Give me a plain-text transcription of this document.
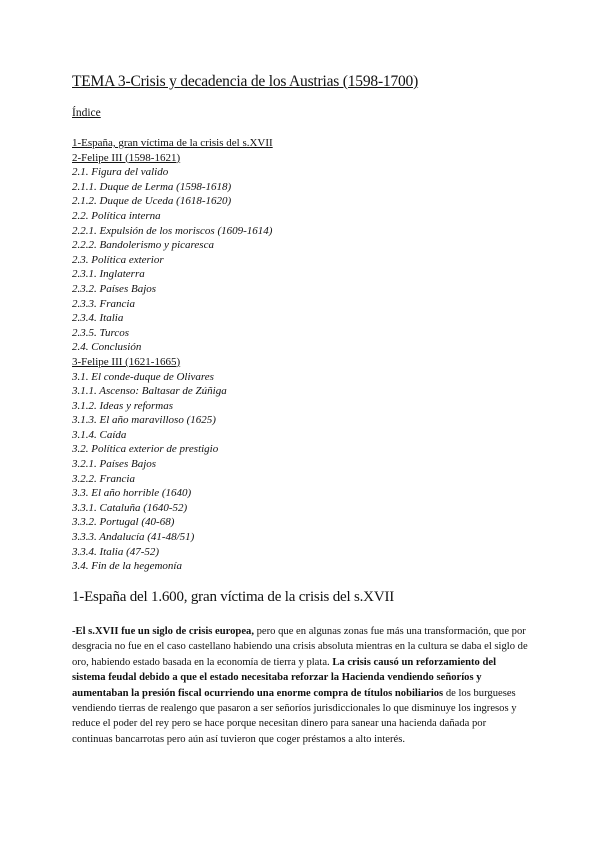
TEMA 3-Crisis y decadencia de los Austrias (1598-1700)
Índice
1-España, gran víctima de la crisis del s.XVII
2-Felipe III (1598-1621)
2.1. Figura del valido
2.1.1. Duque de Lerma (1598-1618)
2.1.2. Duque de Uceda (1618-1620)
2.2. Política interna
2.2.1. Expulsión de los moriscos (1609-1614)
2.2.2. Bandolerismo y picaresca
2.3. Política exterior
2.3.1. Inglaterra
2.3.2. Países Bajos
2.3.3. Francia
2.3.4. Italia
2.3.5. Turcos
2.4. Conclusión
3-Felipe III (1621-1665)
3.1. El conde-duque de Olivares
3.1.1. Ascenso: Baltasar de Zúñiga
3.1.2. Ideas y reformas
3.1.3. El año maravilloso (1625)
3.1.4. Caída
3.2. Política exterior de prestigio
3.2.1. Países Bajos
3.2.2. Francia
3.3. El año horrible (1640)
3.3.1. Cataluña (1640-52)
3.3.2. Portugal (40-68)
3.3.3. Andalucía (41-48/51)
3.3.4. Italia (47-52)
3.4. Fin de la hegemonía
1-España del 1.600, gran víctima de la crisis del s.XVII
-El s.XVII fue un siglo de crisis europea, pero que en algunas zonas fue más una transformación, que por desgracia no fue en el caso castellano habiendo una crisis absoluta mientras en la cultura se daba el siglo de oro, habiendo estado basada en la economía de tierra y plata. La crisis causó un reforzamiento del sistema feudal debido a que el estado necesitaba reforzar la Hacienda vendiendo señoríos y aumentaban la presión fiscal ocurriendo una enorme compra de títulos nobiliarios de los burgueses vendiendo tierras de realengo que pasaron a ser señoríos jurisdiccionales lo que disminuye los ingresos y reduce el poder del rey pero se hace porque necesitan dinero para sanear una hacienda dañada por continuas bancarrotas pero aún así tuvieron que coger préstamos a alto interés.
